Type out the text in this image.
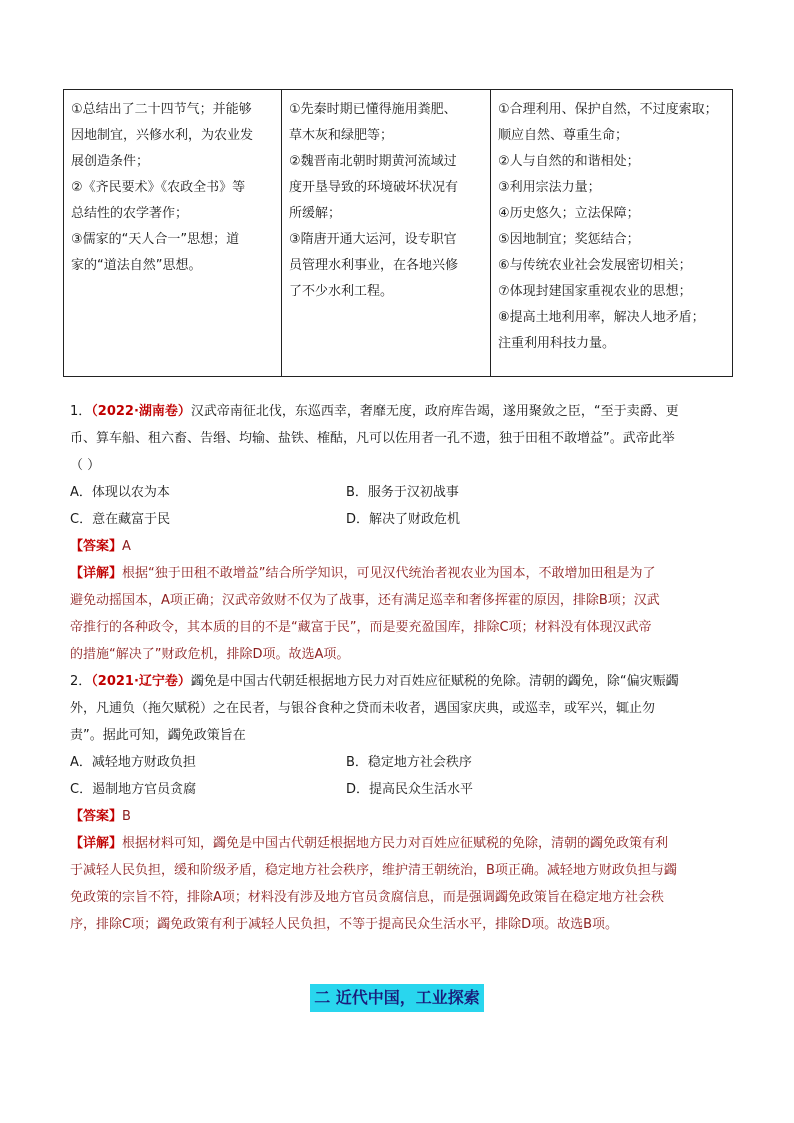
①总结出了二十四节气；并能够
因地制宜，兴修水利，为农业发
展创造条件；
②《齐民要术》《农政全书》等
总结性的农学著作；
③儒家的“天人合一”思想；道
家的“道法自然”思想。

①先秦时期已懂得施用粪肥、
草木灰和绿肥等；
②魏晋南北朝时期黄河流域过
度开垦导致的环境破坏状况有
所缓解；
③隋唐开通大运河，设专职官
员管理水利事业，在各地兴修
了不少水利工程。

①合理利用、保护自然，不过度索取；
顺应自然、尊重生命；
②人与自然的和谐相处；
③利用宗法力量；
④历史悠久；立法保障；
⑤因地制宜；奖惩结合；
⑥与传统农业社会发展密切相关；
⑦体现封建国家重视农业的思想；
⑧提高土地利用率，解决人地矛盾；
注重利用科技力量。
1．（2022·湖南卷）汉武帝南征北伐，东巡西幸，奢靡无度，政府库告竭，遂用聚敛之臣，“至于卖爵、更
币、算车船、租六畜、告缗、均输、盐铁、榷酤，凡可以佐用者一孔不遗，独于田租不敢增益”。武帝此举
（ ）
A．体现以农为本	B．服务于汉初战事
C．意在藏富于民	D．解决了财政危机
【答案】A
【详解】根据“独于田租不敢增益”结合所学知识，可见汉代统治者视农业为国本，不敢增加田租是为了
避免动摇国本，A项正确；汉武帝敛财不仅为了战事，还有满足巡幸和奢侈挥霍的原因，排除B项；汉武
帝推行的各种政令，其本质的目的不是“藏富于民”，而是要充盈国库，排除C项；材料没有体现汉武帝
的措施“解决了”财政危机，排除D项。故选A项。
2．（2021·辽宁卷）蠲免是中国古代朝廷根据地方民力对百姓应征赋税的免除。清朝的蠲免，除“偏灾赈蠲
外，凡逋负（拖欠赋税）之在民者，与银谷食种之贷而未收者，遇国家庆典，或巡幸，或军兴，辄止勿
责”。据此可知，蠲免政策旨在
A．减轻地方财政负担	B．稳定地方社会秩序
C．遏制地方官员贪腐	D．提高民众生活水平
【答案】B
【详解】根据材料可知，蠲免是中国古代朝廷根据地方民力对百姓应征赋税的免除，清朝的蠲免政策有利
于减轻人民负担，缓和阶级矛盾，稳定地方社会秩序，维护清王朝统治，B项正确。减轻地方财政负担与蠲
免政策的宗旨不符，排除A项；材料没有涉及地方官员贪腐信息，而是强调蠲免政策旨在稳定地方社会秩
序，排除C项；蠲免政策有利于减轻人民负担，不等于提高民众生活水平，排除D项。故选B项。
二 近代中国，工业探索
